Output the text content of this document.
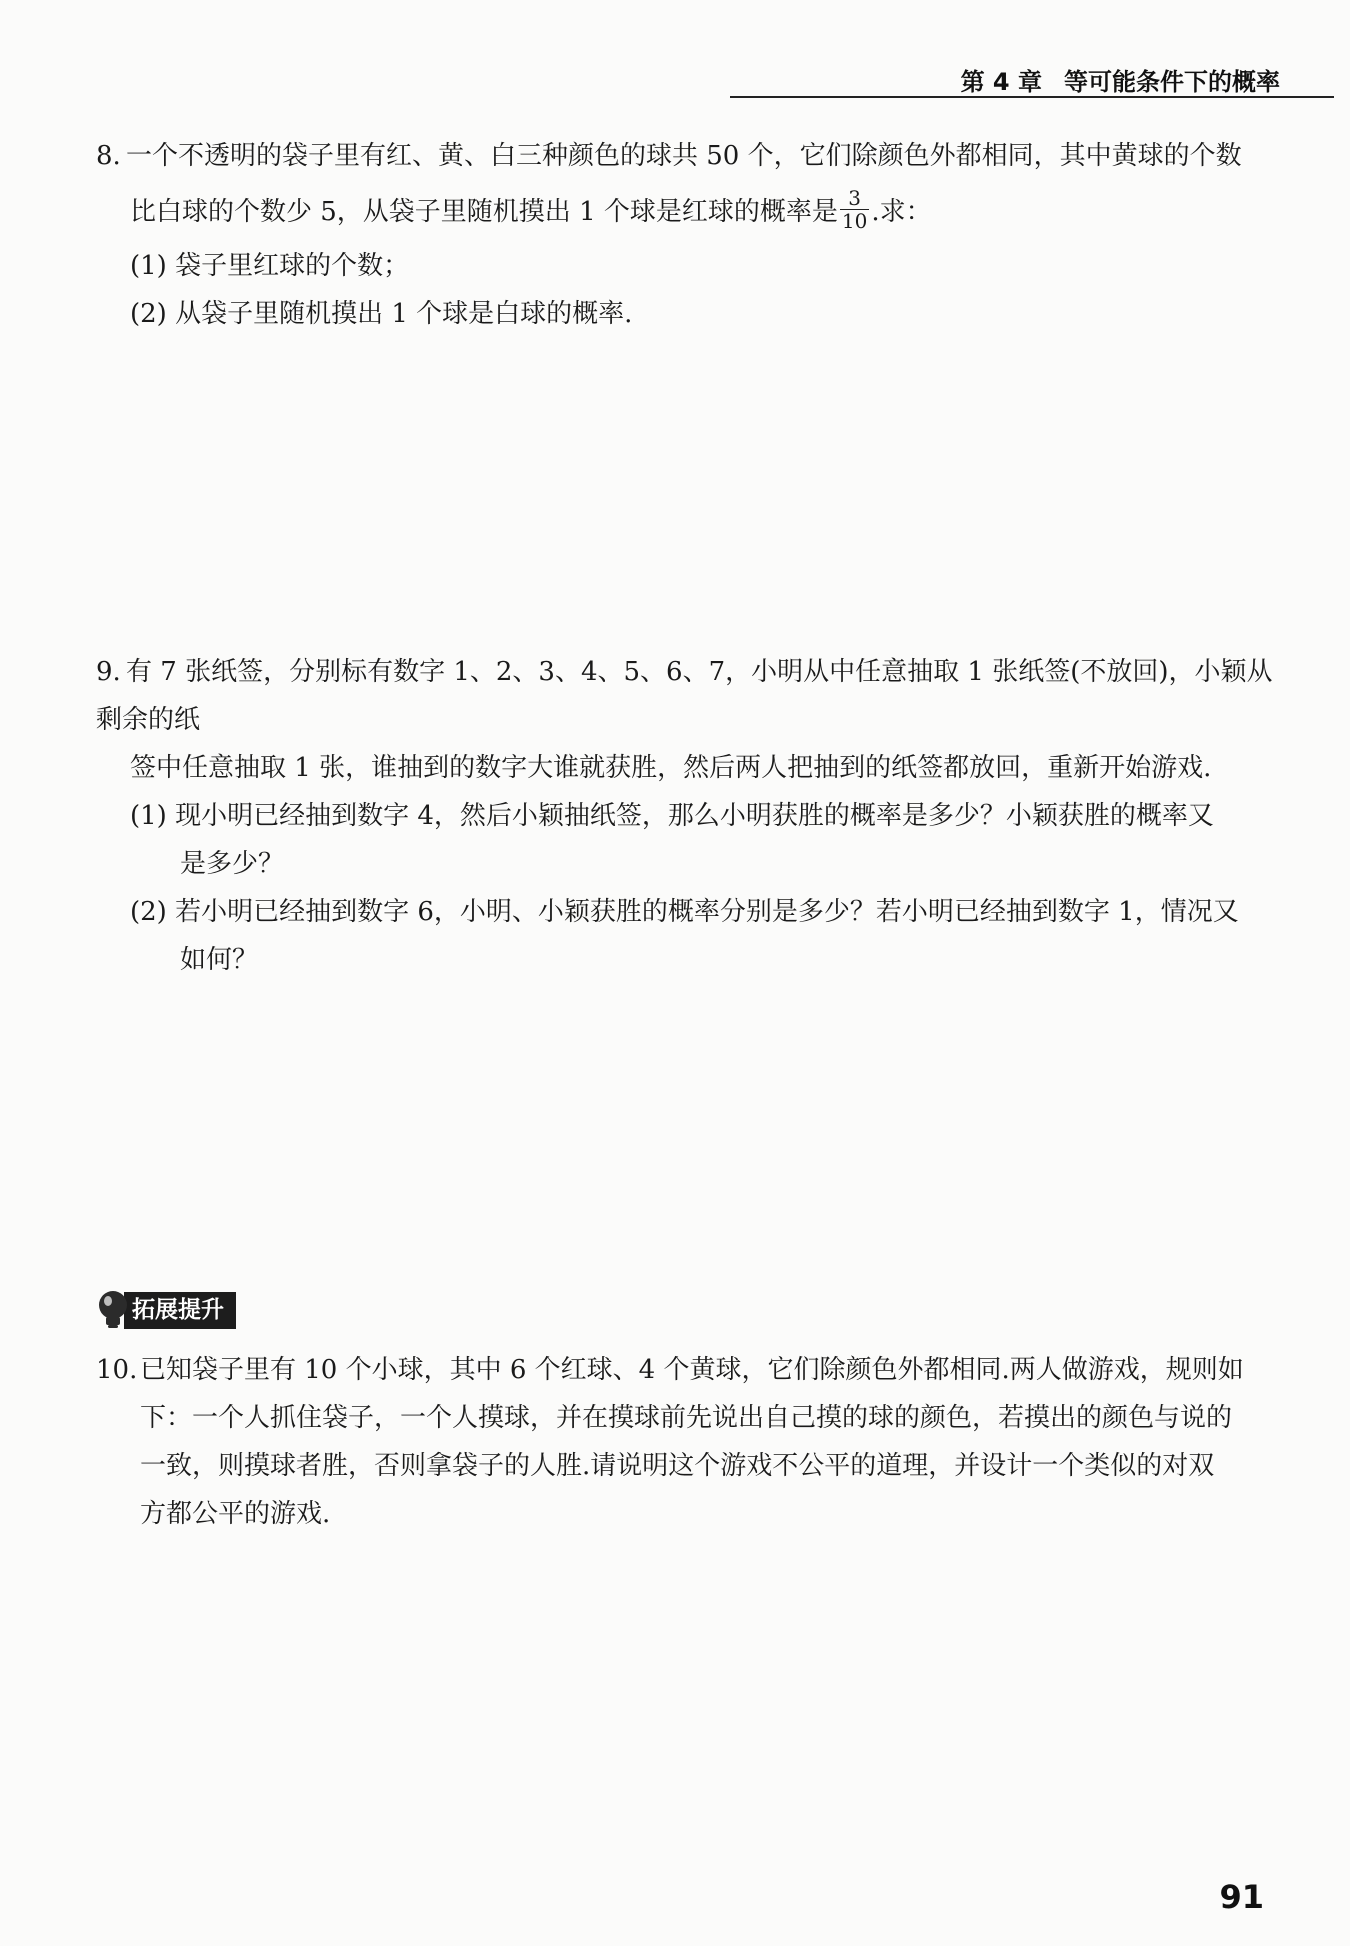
第 4 章 等可能条件下的概率

8. 一个不透明的袋子里有红、黄、白三种颜色的球共 50 个，它们除颜色外都相同，其中黄球的个数

比白球的个数少 5，从袋子里随机摸出 1 个球是红球的概率是 $\frac{3}{10}$ .求：

(1) 袋子里红球的个数；

(2) 从袋子里随机摸出 1 个球是白球的概率.

9. 有 7 张纸签，分别标有数字 1、2、3、4、5、6、7，小明从中任意抽取 1 张纸签(不放回)，小颖从剩余的纸

签中任意抽取 1 张，谁抽到的数字大谁就获胜，然后两人把抽到的纸签都放回，重新开始游戏.

(1) 现小明已经抽到数字 4，然后小颖抽纸签，那么小明获胜的概率是多少？小颖获胜的概率又

是多少？

(2) 若小明已经抽到数字 6，小明、小颖获胜的概率分别是多少？若小明已经抽到数字 1，情况又

如何？

拓展提升

10. 已知袋子里有 10 个小球，其中 6 个红球、4 个黄球，它们除颜色外都相同.两人做游戏，规则如

下：一个人抓住袋子，一个人摸球，并在摸球前先说出自己摸的球的颜色，若摸出的颜色与说的

一致，则摸球者胜，否则拿袋子的人胜.请说明这个游戏不公平的道理，并设计一个类似的对双

方都公平的游戏.

91
